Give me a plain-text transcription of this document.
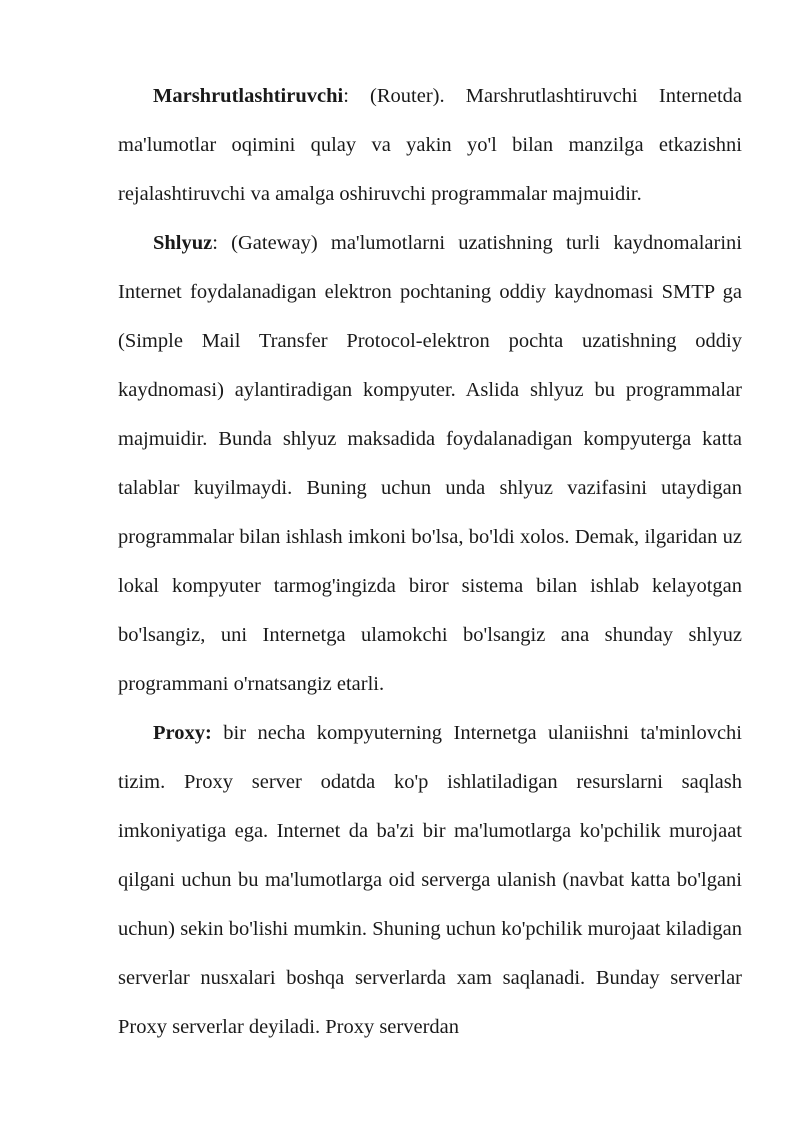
Marshrutlashtiruvchi: (Router). Marshrutlashtiruvchi Internetda ma'lumotlar oqimini qulay va yakin yo'l bilan manzilga etkazishni rejalashtiruvchi va amalga oshiruvchi programmalar majmuidir.

Shlyuz: (Gateway) ma'lumotlarni uzatishning turli kaydnomalarini Internet foydalanadigan elektron pochtaning oddiy kaydnomasi SMTP ga (Simple Mail Transfer Protocol-elektron pochta uzatishning oddiy kaydnomasi) aylantiradigan kompyuter. Aslida shlyuz bu programmalar majmuidir. Bunda shlyuz maksadida foydalanadigan kompyuterga katta talablar kuyilmaydi. Buning uchun unda shlyuz vazifasini utaydigan programmalar bilan ishlash imkoni bo'lsa, bo'ldi xolos. Demak, ilgaridan uz lokal kompyuter tarmog'ingizda biror sistema bilan ishlab kelayotgan bo'lsangiz, uni Internetga ulamokchi bo'lsangiz ana shunday shlyuz programmani o'rnatsangiz etarli.

Proxy: bir necha kompyuterning Internetga ulaniishni ta'minlovchi tizim. Proxy server odatda ko'p ishlatiladigan resurslarni saqlash imkoniyatiga ega. Internet da ba'zi bir ma'lumotlarga ko'pchilik murojaat qilgani uchun bu ma'lumotlarga oid serverga ulanish (navbat katta bo'lgani uchun) sekin bo'lishi mumkin. Shuning uchun ko'pchilik murojaat kiladigan serverlar nusxalari boshqa serverlarda xam saqlanadi. Bunday serverlar Proxy serverlar deyiladi. Proxy serverdan
